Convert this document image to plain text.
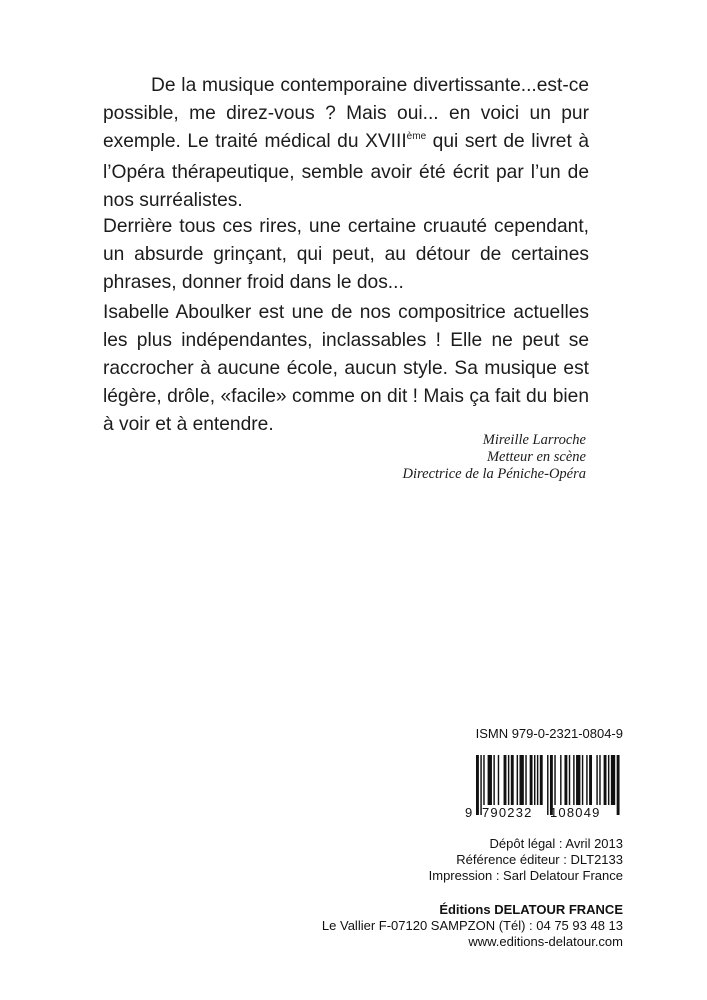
De la musique contemporaine divertissante...est-ce possible, me direz-vous ? Mais oui... en voici un pur exemple. Le traité médical du XVIIIème qui sert de livret à l’Opéra thérapeutique, semble avoir été écrit par l’un de nos surréalistes.

Derrière tous ces rires, une certaine cruauté cependant, un absurde grinçant, qui peut, au détour de certaines phrases, donner froid dans le dos...

Isabelle Aboulker est une de nos compositrice actuelles les plus indépendantes, inclassables ! Elle ne peut se raccrocher à aucune école, aucun style. Sa musique est légère, drôle, «facile» comme on dit ! Mais ça fait du bien à voir et à entendre.

Mireille Larroche
Metteur en scène
Directrice de la Péniche-Opéra
ISMN 979-0-2321-0804-9
9 790232 108049
Dépôt légal : Avril 2013
Référence éditeur : DLT2133
Impression : Sarl Delatour France
Éditions DELATOUR FRANCE
Le Vallier F-07120 SAMPZON (Tél) : 04 75 93 48 13
www.editions-delatour.com
